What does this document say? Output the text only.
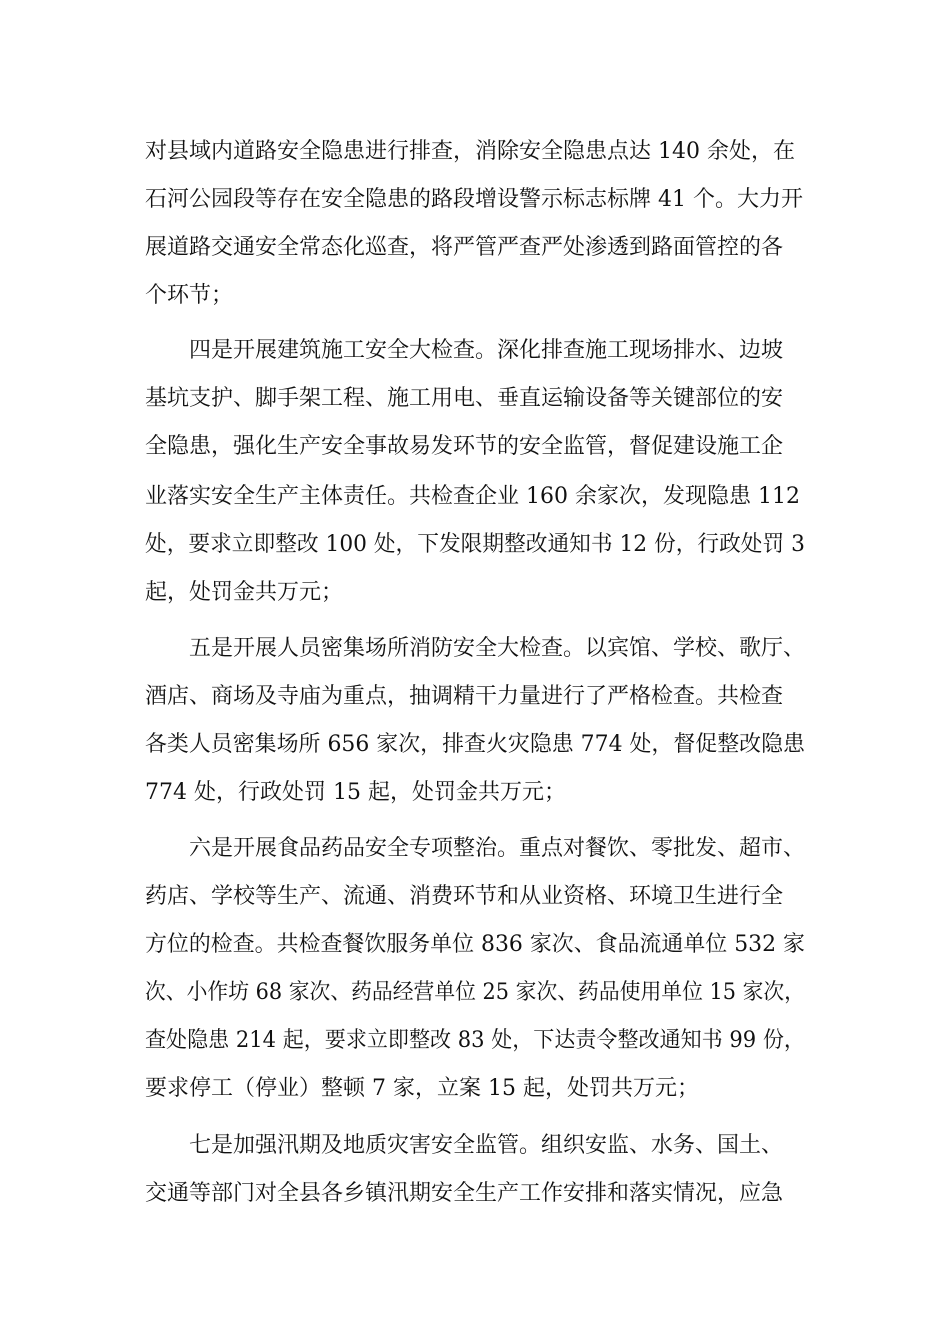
对县域内道路安全隐患进行排查，消除安全隐患点达 140 余处，在

石河公园段等存在安全隐患的路段增设警示标志标牌 41 个。大力开

展道路交通安全常态化巡查，将严管严查严处渗透到路面管控的各

个环节；

四是开展建筑施工安全大检查。深化排查施工现场排水、边坡

基坑支护、脚手架工程、施工用电、垂直运输设备等关键部位的安

全隐患，强化生产安全事故易发环节的安全监管，督促建设施工企

业落实安全生产主体责任。共检查企业 160 余家次，发现隐患 112

处，要求立即整改 100 处，下发限期整改通知书 12 份，行政处罚 3

起，处罚金共万元；

五是开展人员密集场所消防安全大检查。以宾馆、学校、歌厅、

酒店、商场及寺庙为重点，抽调精干力量进行了严格检查。共检查

各类人员密集场所 656 家次，排查火灾隐患 774 处，督促整改隐患

774 处，行政处罚 15 起，处罚金共万元；

六是开展食品药品安全专项整治。重点对餐饮、零批发、超市、

药店、学校等生产、流通、消费环节和从业资格、环境卫生进行全

方位的检查。共检查餐饮服务单位 836 家次、食品流通单位 532 家

次、小作坊 68 家次、药品经营单位 25 家次、药品使用单位 15 家次，

查处隐患 214 起，要求立即整改 83 处，下达责令整改通知书 99 份，

要求停工（停业）整顿 7 家，立案 15 起，处罚共万元；

七是加强汛期及地质灾害安全监管。组织安监、水务、国土、

交通等部门对全县各乡镇汛期安全生产工作安排和落实情况，应急
